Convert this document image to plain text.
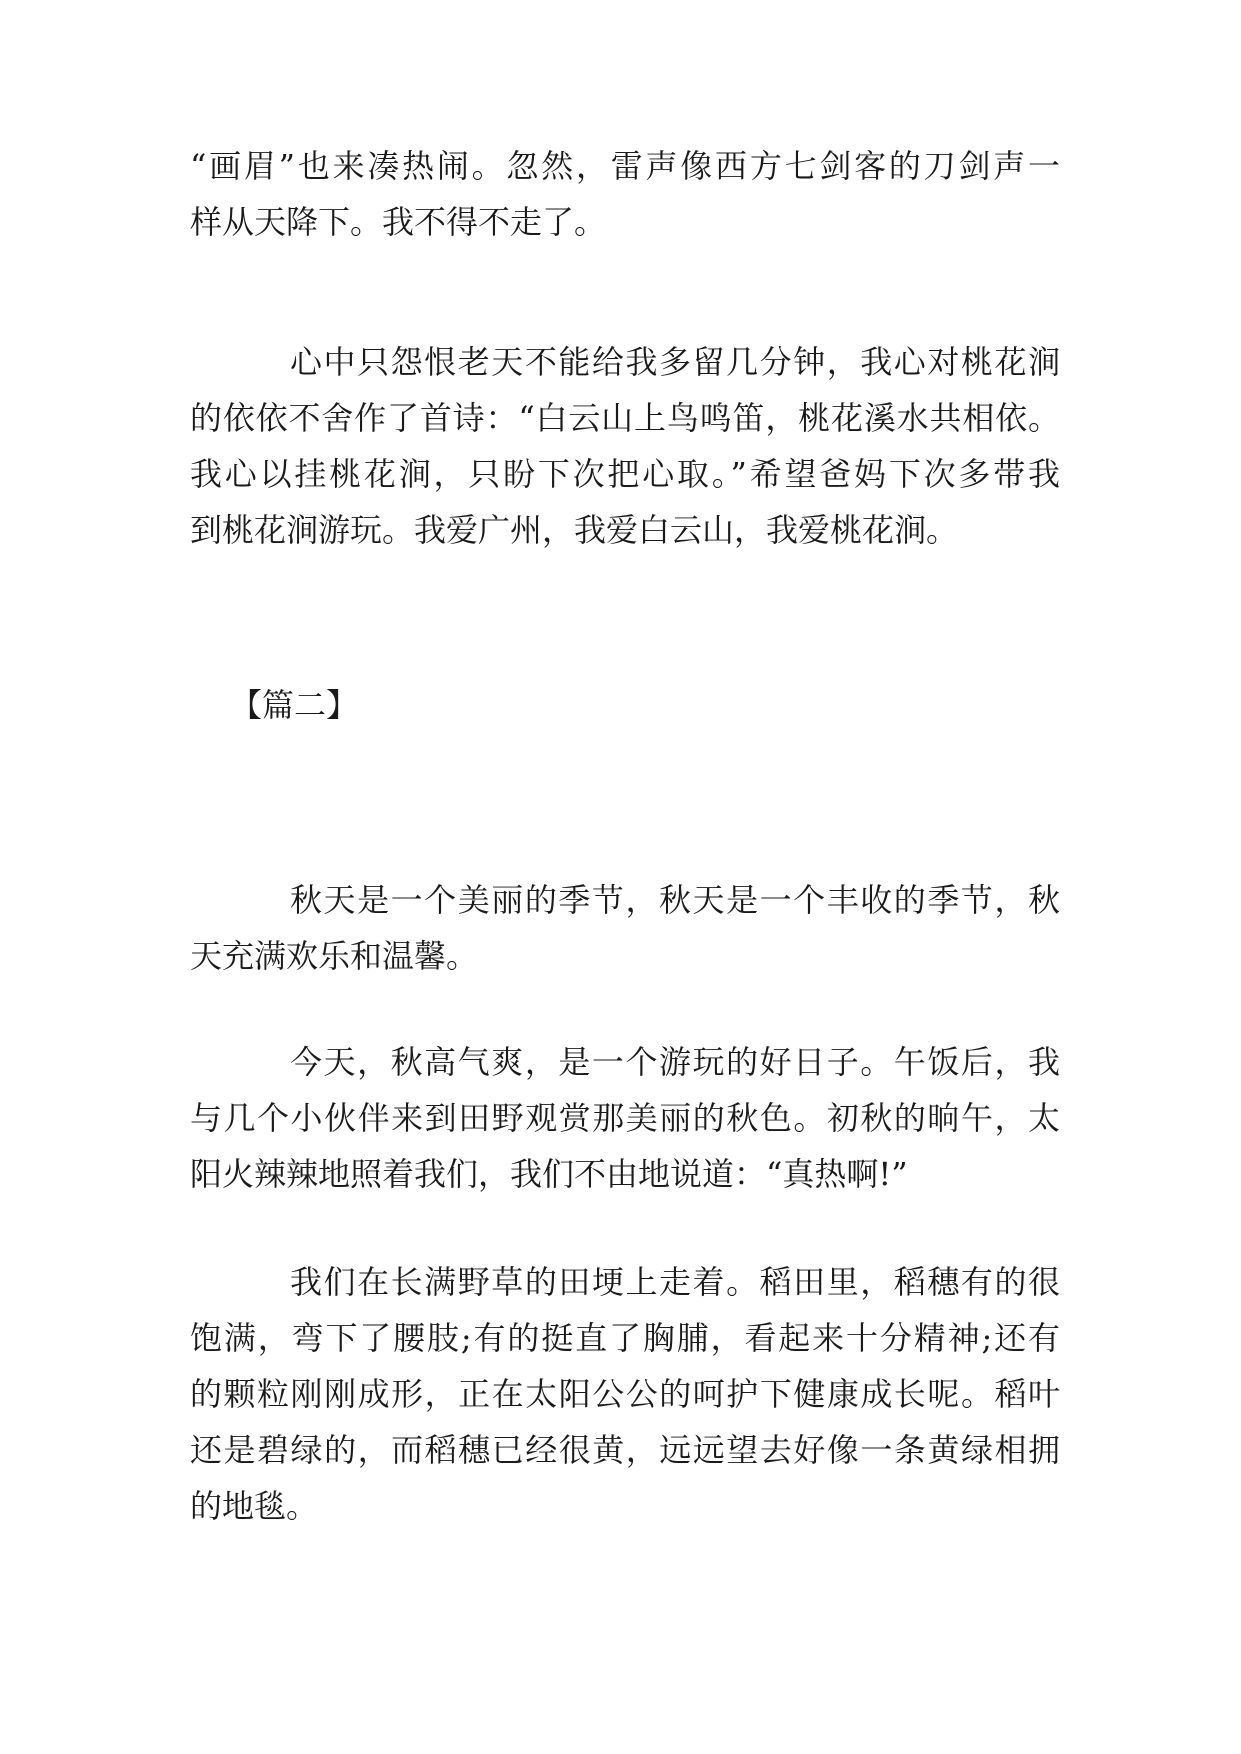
“画眉”也来凑热闹。忽然，雷声像西方七剑客的刀剑声一
样从天降下。我不得不走了。
心中只怨恨老天不能给我多留几分钟，我心对桃花涧
的依依不舍作了首诗：“白云山上鸟鸣笛，桃花溪水共相依。
我心以挂桃花涧，只盼下次把心取。”希望爸妈下次多带我
到桃花涧游玩。我爱广州，我爱白云山，我爱桃花涧。
【篇二】
秋天是一个美丽的季节，秋天是一个丰收的季节，秋
天充满欢乐和温馨。
今天，秋高气爽，是一个游玩的好日子。午饭后，我
与几个小伙伴来到田野观赏那美丽的秋色。初秋的晌午，太
阳火辣辣地照着我们，我们不由地说道：“真热啊!”
我们在长满野草的田埂上走着。稻田里，稻穗有的很
饱满，弯下了腰肢;有的挺直了胸脯，看起来十分精神;还有
的颗粒刚刚成形，正在太阳公公的呵护下健康成长呢。稻叶
还是碧绿的，而稻穗已经很黄，远远望去好像一条黄绿相拥
的地毯。
